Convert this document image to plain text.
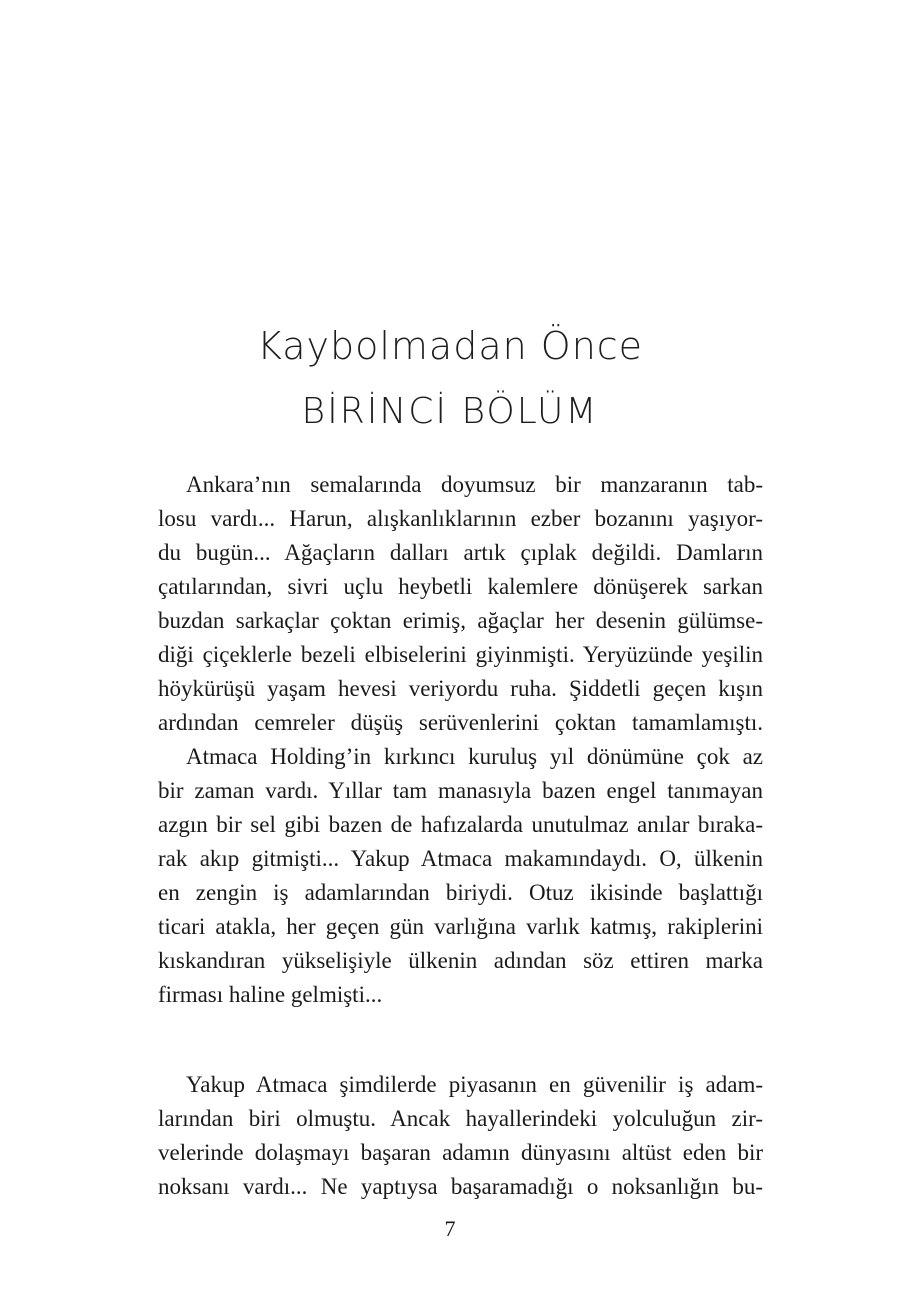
Kaybolmadan Önce
BİRİNCİ BÖLÜM
Ankara’nın semalarında doyumsuz bir manzaranın tab-
losu vardı... Harun, alışkanlıklarının ezber bozanını yaşıyor-
du bugün... Ağaçların dalları artık çıplak değildi. Damların
çatılarından, sivri uçlu heybetli kalemlere dönüşerek sarkan
buzdan sarkaçlar çoktan erimiş, ağaçlar her desenin gülümse-
diği çiçeklerle bezeli elbiselerini giyinmişti. Yeryüzünde yeşilin
höykürüşü yaşam hevesi veriyordu ruha. Şiddetli geçen kışın
ardından cemreler düşüş serüvenlerini çoktan tamamlamıştı.
Atmaca Holding’in kırkıncı kuruluş yıl dönümüne çok az
bir zaman vardı. Yıllar tam manasıyla bazen engel tanımayan
azgın bir sel gibi bazen de hafızalarda unutulmaz anılar bıraka-
rak akıp gitmişti... Yakup Atmaca makamındaydı. O, ülkenin
en zengin iş adamlarından biriydi. Otuz ikisinde başlattığı
ticari atakla, her geçen gün varlığına varlık katmış, rakiplerini
kıskandıran yükselişiyle ülkenin adından söz ettiren marka
firması haline gelmişti...
Yakup Atmaca şimdilerde piyasanın en güvenilir iş adam-
larından biri olmuştu. Ancak hayallerindeki yolculuğun zir-
velerinde dolaşmayı başaran adamın dünyasını altüst eden bir
noksanı vardı... Ne yaptıysa başaramadığı o noksanlığın bu-
7
